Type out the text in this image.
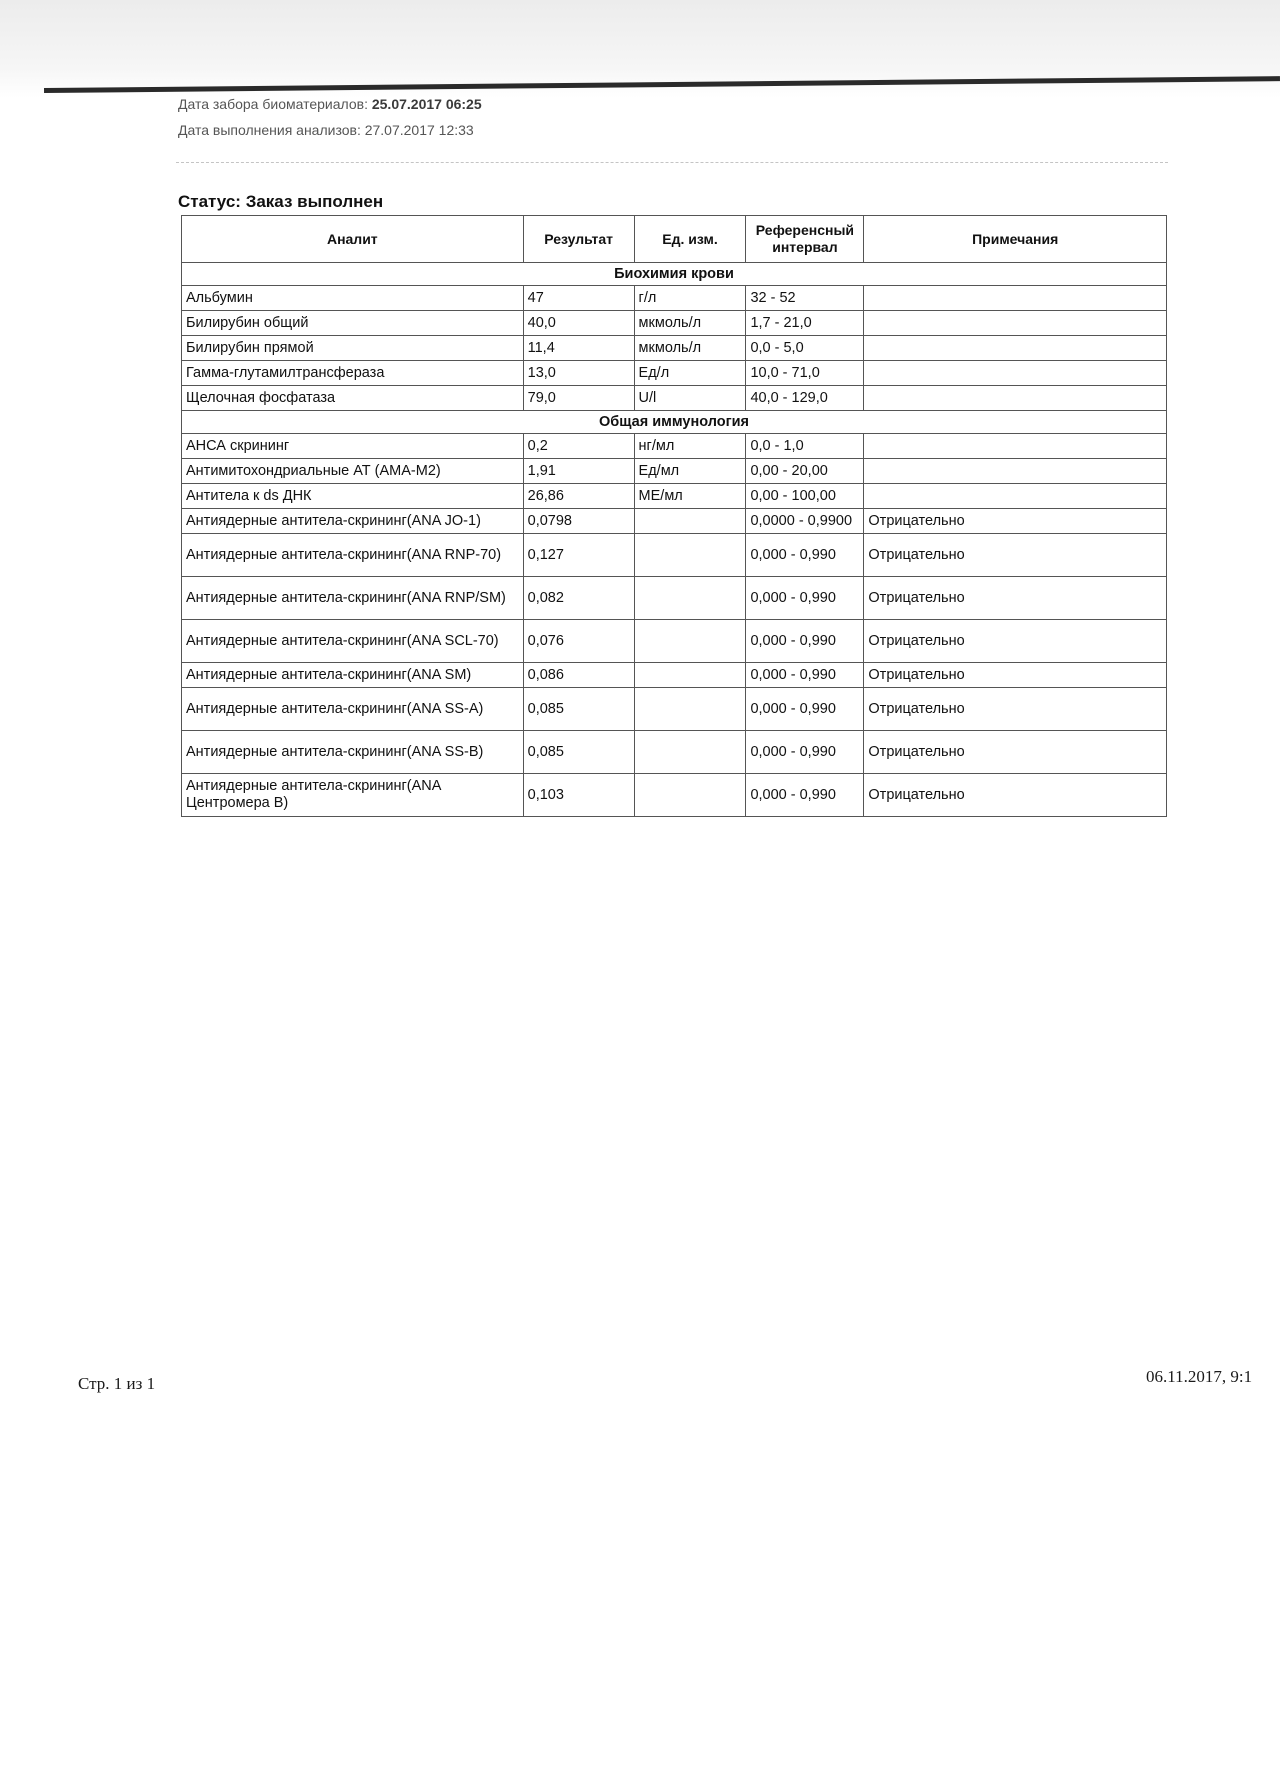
Дата забора биоматериалов: 25.07.2017 06:25
Дата выполнения анализов: 27.07.2017 12:33
Статус: Заказ выполнен
Аналит	Результат	Ед. изм.	Референсный интервал	Примечания
Биохимия крови				
Альбумин	47	г/л	32 - 52	
Билирубин общий	40,0	мкмоль/л	1,7 - 21,0	
Билирубин прямой	11,4	мкмоль/л	0,0 - 5,0	
Гамма-глутамилтрансфераза	13,0	Ед/л	10,0 - 71,0	
Щелочная фосфатаза	79,0	U/l	40,0 - 129,0	
Общая иммунология				
АНСА скрининг	0,2	нг/мл	0,0 - 1,0	
Антимитохондриальные АТ (АМА-М2)	1,91	Ед/мл	0,00 - 20,00	
Антитела к ds ДНК	26,86	МЕ/мл	0,00 - 100,00	
Антиядерные антитела-скрининг(ANA JO-1)	0,0798		0,0000 - 0,9900	Отрицательно
Антиядерные антитела-скрининг(ANA RNP-70)	0,127		0,000 - 0,990	Отрицательно
Антиядерные антитела-скрининг(ANA RNP/SM)	0,082		0,000 - 0,990	Отрицательно
Антиядерные антитела-скрининг(ANA SCL-70)	0,076		0,000 - 0,990	Отрицательно
Антиядерные антитела-скрининг(ANA SM)	0,086		0,000 - 0,990	Отрицательно
Антиядерные антитела-скрининг(ANA SS-A)	0,085		0,000 - 0,990	Отрицательно
Антиядерные антитела-скрининг(ANA SS-B)	0,085		0,000 - 0,990	Отрицательно
Антиядерные антитела-скрининг(ANA Центромера В)	0,103		0,000 - 0,990	Отрицательно
Стр. 1 из 1	06.11.2017, 9:1
